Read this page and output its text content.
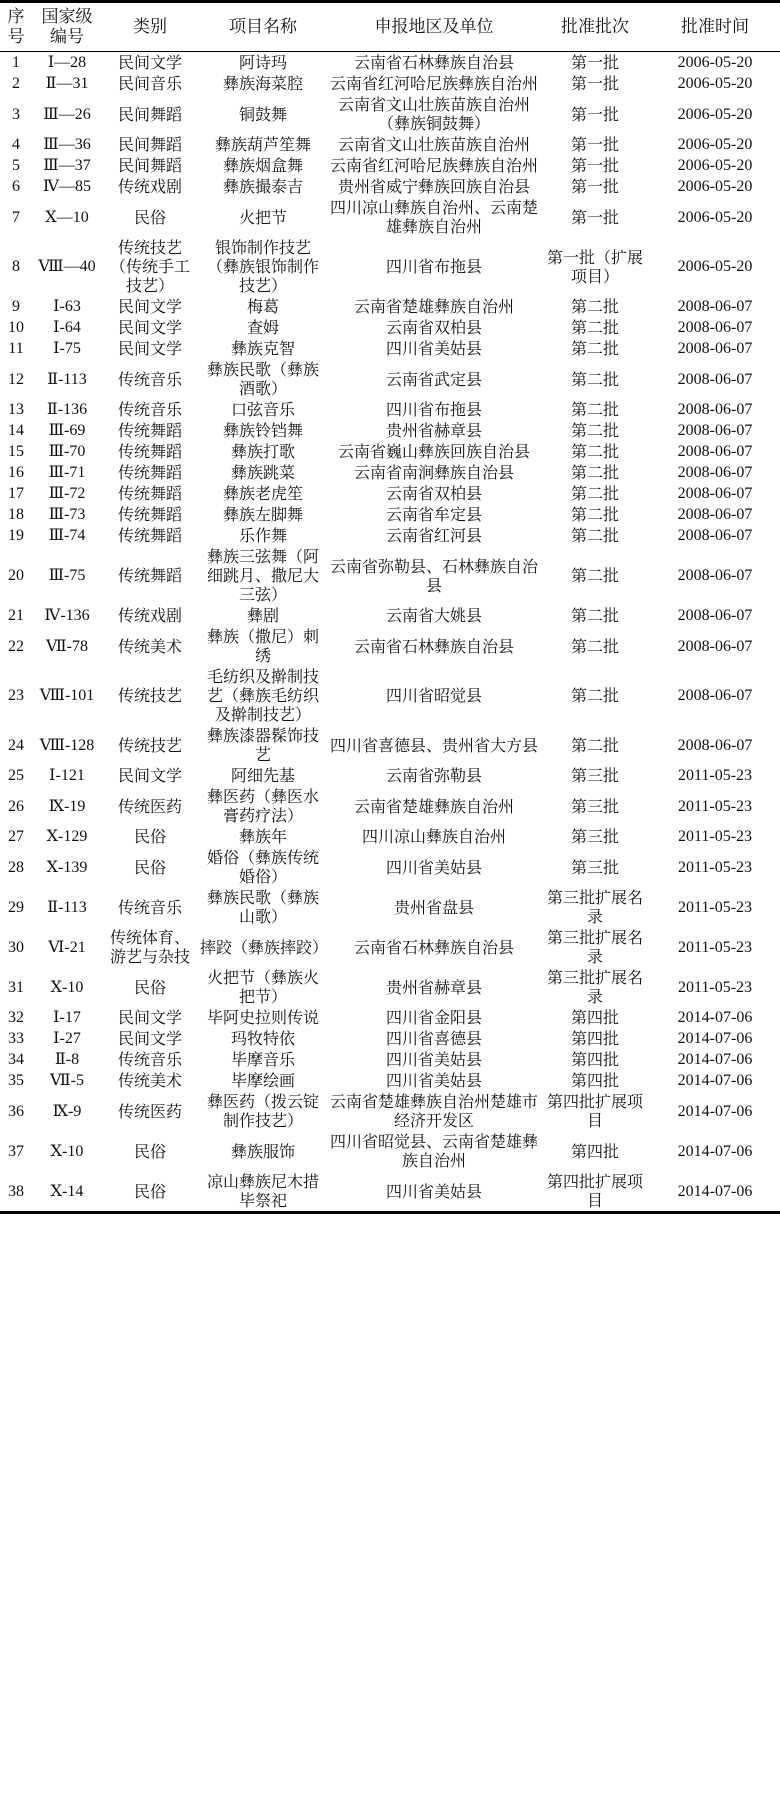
序号	国家级编号	类别	项目名称	申报地区及单位	批准批次	批准时间
1	Ⅰ—28	民间文学	阿诗玛	云南省石林彝族自治县	第一批	2006-05-20
2	Ⅱ—31	民间音乐	彝族海菜腔	云南省红河哈尼族彝族自治州	第一批	2006-05-20
3	Ⅲ—26	民间舞蹈	铜鼓舞	云南省文山壮族苗族自治州（彝族铜鼓舞）	第一批	2006-05-20
4	Ⅲ—36	民间舞蹈	彝族葫芦笙舞	云南省文山壮族苗族自治州	第一批	2006-05-20
5	Ⅲ—37	民间舞蹈	彝族烟盒舞	云南省红河哈尼族彝族自治州	第一批	2006-05-20
6	Ⅳ—85	传统戏剧	彝族撮泰吉	贵州省威宁彝族回族自治县	第一批	2006-05-20
7	Ⅹ—10	民俗	火把节	四川凉山彝族自治州、云南楚雄彝族自治州	第一批	2006-05-20
8	Ⅷ—40	传统技艺（传统手工技艺）	银饰制作技艺（彝族银饰制作技艺）	四川省布拖县	第一批（扩展项目）	2006-05-20
9	Ⅰ-63	民间文学	梅葛	云南省楚雄彝族自治州	第二批	2008-06-07
10	Ⅰ-64	民间文学	查姆	云南省双柏县	第二批	2008-06-07
11	Ⅰ-75	民间文学	彝族克智	四川省美姑县	第二批	2008-06-07
12	Ⅱ-113	传统音乐	彝族民歌（彝族酒歌）	云南省武定县	第二批	2008-06-07
13	Ⅱ-136	传统音乐	口弦音乐	四川省布拖县	第二批	2008-06-07
14	Ⅲ-69	传统舞蹈	彝族铃铛舞	贵州省赫章县	第二批	2008-06-07
15	Ⅲ-70	传统舞蹈	彝族打歌	云南省巍山彝族回族自治县	第二批	2008-06-07
16	Ⅲ-71	传统舞蹈	彝族跳菜	云南省南涧彝族自治县	第二批	2008-06-07
17	Ⅲ-72	传统舞蹈	彝族老虎笙	云南省双柏县	第二批	2008-06-07
18	Ⅲ-73	传统舞蹈	彝族左脚舞	云南省牟定县	第二批	2008-06-07
19	Ⅲ-74	传统舞蹈	乐作舞	云南省红河县	第二批	2008-06-07
20	Ⅲ-75	传统舞蹈	彝族三弦舞（阿细跳月、撒尼大三弦）	云南省弥勒县、石林彝族自治县	第二批	2008-06-07
21	Ⅳ-136	传统戏剧	彝剧	云南省大姚县	第二批	2008-06-07
22	Ⅶ-78	传统美术	彝族（撒尼）刺绣	云南省石林彝族自治县	第二批	2008-06-07
23	Ⅷ-101	传统技艺	毛纺织及擀制技艺（彝族毛纺织及擀制技艺）	四川省昭觉县	第二批	2008-06-07
24	Ⅷ-128	传统技艺	彝族漆器髹饰技艺	四川省喜德县、贵州省大方县	第二批	2008-06-07
25	Ⅰ-121	民间文学	阿细先基	云南省弥勒县	第三批	2011-05-23
26	Ⅸ-19	传统医药	彝医药（彝医水膏药疗法）	云南省楚雄彝族自治州	第三批	2011-05-23
27	Ⅹ-129	民俗	彝族年	四川凉山彝族自治州	第三批	2011-05-23
28	Ⅹ-139	民俗	婚俗（彝族传统婚俗）	四川省美姑县	第三批	2011-05-23
29	Ⅱ-113	传统音乐	彝族民歌（彝族山歌）	贵州省盘县	第三批扩展名录	2011-05-23
30	Ⅵ-21	传统体育、游艺与杂技	摔跤（彝族摔跤）	云南省石林彝族自治县	第三批扩展名录	2011-05-23
31	Ⅹ-10	民俗	火把节（彝族火把节）	贵州省赫章县	第三批扩展名录	2011-05-23
32	Ⅰ-17	民间文学	毕阿史拉则传说	四川省金阳县	第四批	2014-07-06
33	Ⅰ-27	民间文学	玛牧特依	四川省喜德县	第四批	2014-07-06
34	Ⅱ-8	传统音乐	毕摩音乐	四川省美姑县	第四批	2014-07-06
35	Ⅶ-5	传统美术	毕摩绘画	四川省美姑县	第四批	2014-07-06
36	Ⅸ-9	传统医药	彝医药（拨云锭制作技艺）	云南省楚雄彝族自治州楚雄市经济开发区	第四批扩展项目	2014-07-06
37	Ⅹ-10	民俗	彝族服饰	四川省昭觉县、云南省楚雄彝族自治州	第四批	2014-07-06
38	Ⅹ-14	民俗	凉山彝族尼木措毕祭祀	四川省美姑县	第四批扩展项目	2014-07-06
